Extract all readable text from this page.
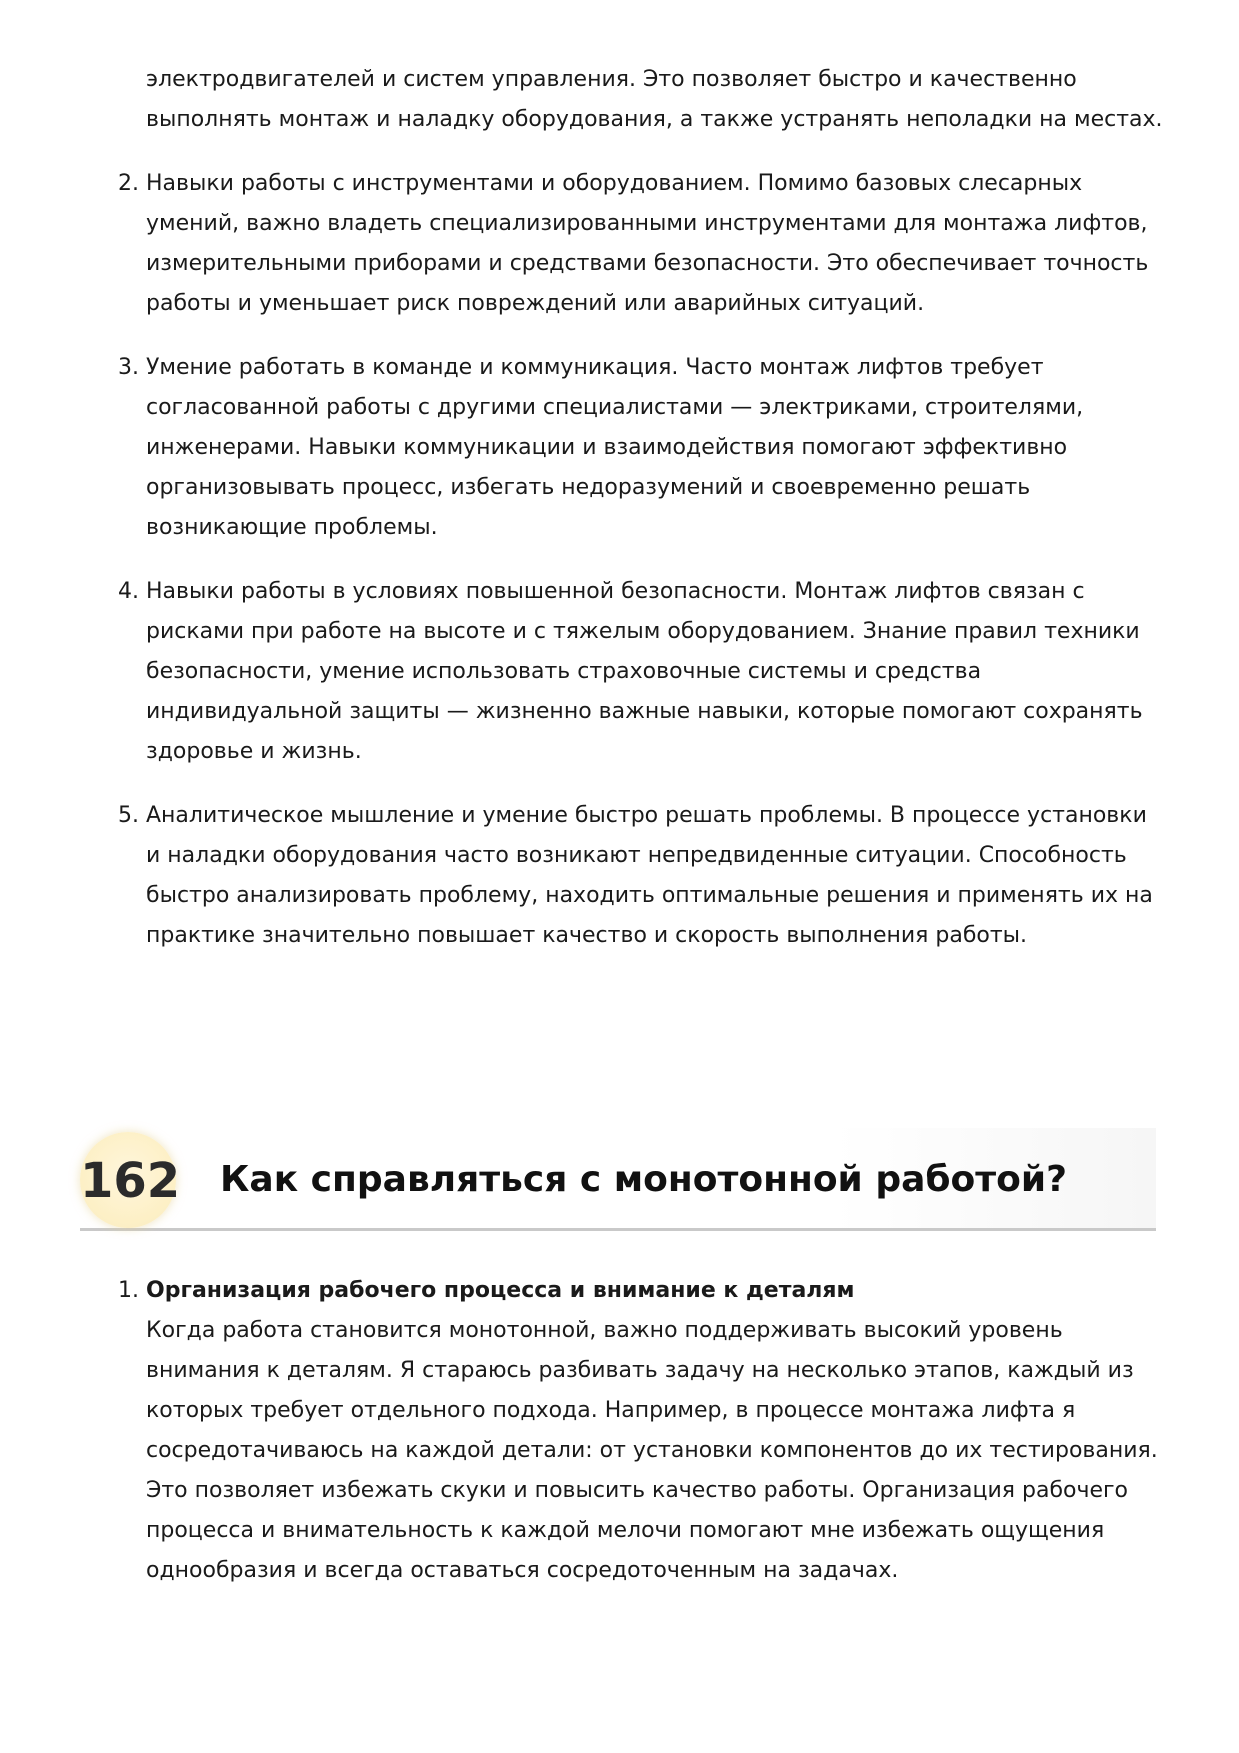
электродвигателей и систем управления. Это позволяет быстро и качественно выполнять монтаж и наладку оборудования, а также устранять неполадки на местах.
2. Навыки работы с инструментами и оборудованием. Помимо базовых слесарных умений, важно владеть специализированными инструментами для монтажа лифтов, измерительными приборами и средствами безопасности. Это обеспечивает точность работы и уменьшает риск повреждений или аварийных ситуаций.
3. Умение работать в команде и коммуникация. Часто монтаж лифтов требует согласованной работы с другими специалистами — электриками, строителями, инженерами. Навыки коммуникации и взаимодействия помогают эффективно организовывать процесс, избегать недоразумений и своевременно решать возникающие проблемы.
4. Навыки работы в условиях повышенной безопасности. Монтаж лифтов связан с рисками при работе на высоте и с тяжелым оборудованием. Знание правил техники безопасности, умение использовать страховочные системы и средства индивидуальной защиты — жизненно важные навыки, которые помогают сохранять здоровье и жизнь.
5. Аналитическое мышление и умение быстро решать проблемы. В процессе установки и наладки оборудования часто возникают непредвиденные ситуации. Способность быстро анализировать проблему, находить оптимальные решения и применять их на практике значительно повышает качество и скорость выполнения работы.
162 Как справляться с монотонной работой?
1. Организация рабочего процесса и внимание к деталям
Когда работа становится монотонной, важно поддерживать высокий уровень внимания к деталям. Я стараюсь разбивать задачу на несколько этапов, каждый из которых требует отдельного подхода. Например, в процессе монтажа лифта я сосредотачиваюсь на каждой детали: от установки компонентов до их тестирования. Это позволяет избежать скуки и повысить качество работы. Организация рабочего процесса и внимательность к каждой мелочи помогают мне избежать ощущения однообразия и всегда оставаться сосредоточенным на задачах.
